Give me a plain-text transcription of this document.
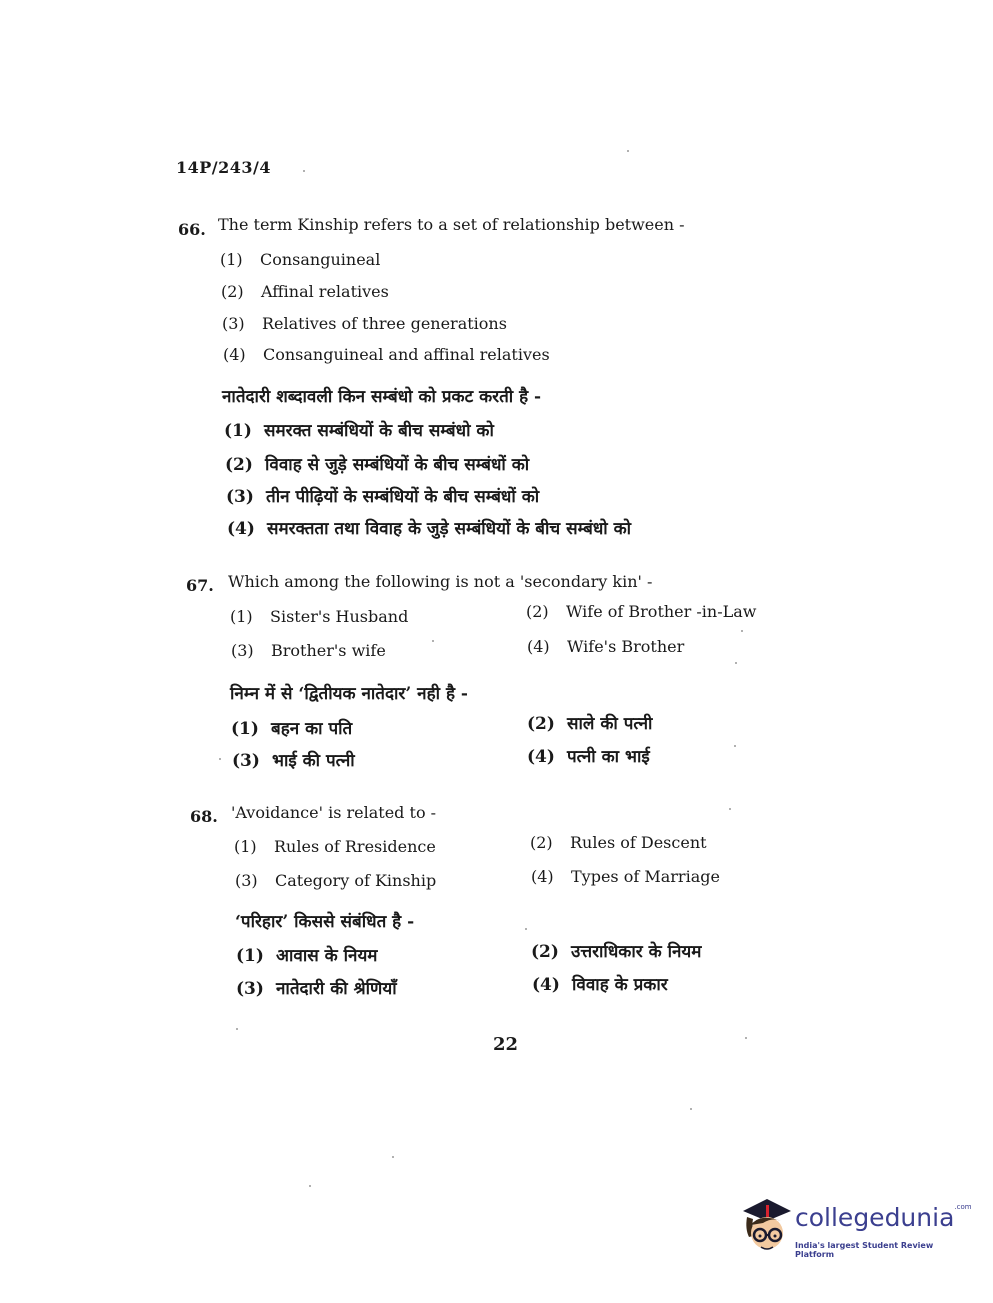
14P/243/4
66. The term Kinship refers to a set of relationship between -
(1) Consanguineal
(2) Affinal relatives
(3) Relatives of three generations
(4) Consanguineal and affinal relatives
नातेदारी शब्दावली किन सम्बंधो को प्रकट करती है -
(1) समरक्त सम्बंधियों के बीच सम्बंधो को
(2) विवाह से जुड़े सम्बंधियों के बीच सम्बंधों को
(3) तीन पीढ़ियों के सम्बंधियों के बीच सम्बंधों को
(4) समरक्तता तथा विवाह के जुड़े सम्बंधियों के बीच सम्बंधो को
67. Which among the following is not a 'secondary kin' -
(1) Sister's Husband	(2) Wife of Brother -in-Law
(3) Brother's wife	(4) Wife's Brother
निम्न में से ‘द्वितीयक नातेदार’ नही है -
(1) बहन का पति	(2) साले की पत्नी
(3) भाई की पत्नी	(4) पत्नी का भाई
68. 'Avoidance' is related to -
(1) Rules of Rresidence	(2) Rules of Descent
(3) Category of Kinship	(4) Types of Marriage
‘परिहार’ किससे संबंधित है -
(1) आवास के नियम	(2) उत्तराधिकार के नियम
(3) नातेदारी की श्रेणियाँ	(4) विवाह के प्रकार
22
collegedunia$^{.com}$
India's largest Student Review Platform
